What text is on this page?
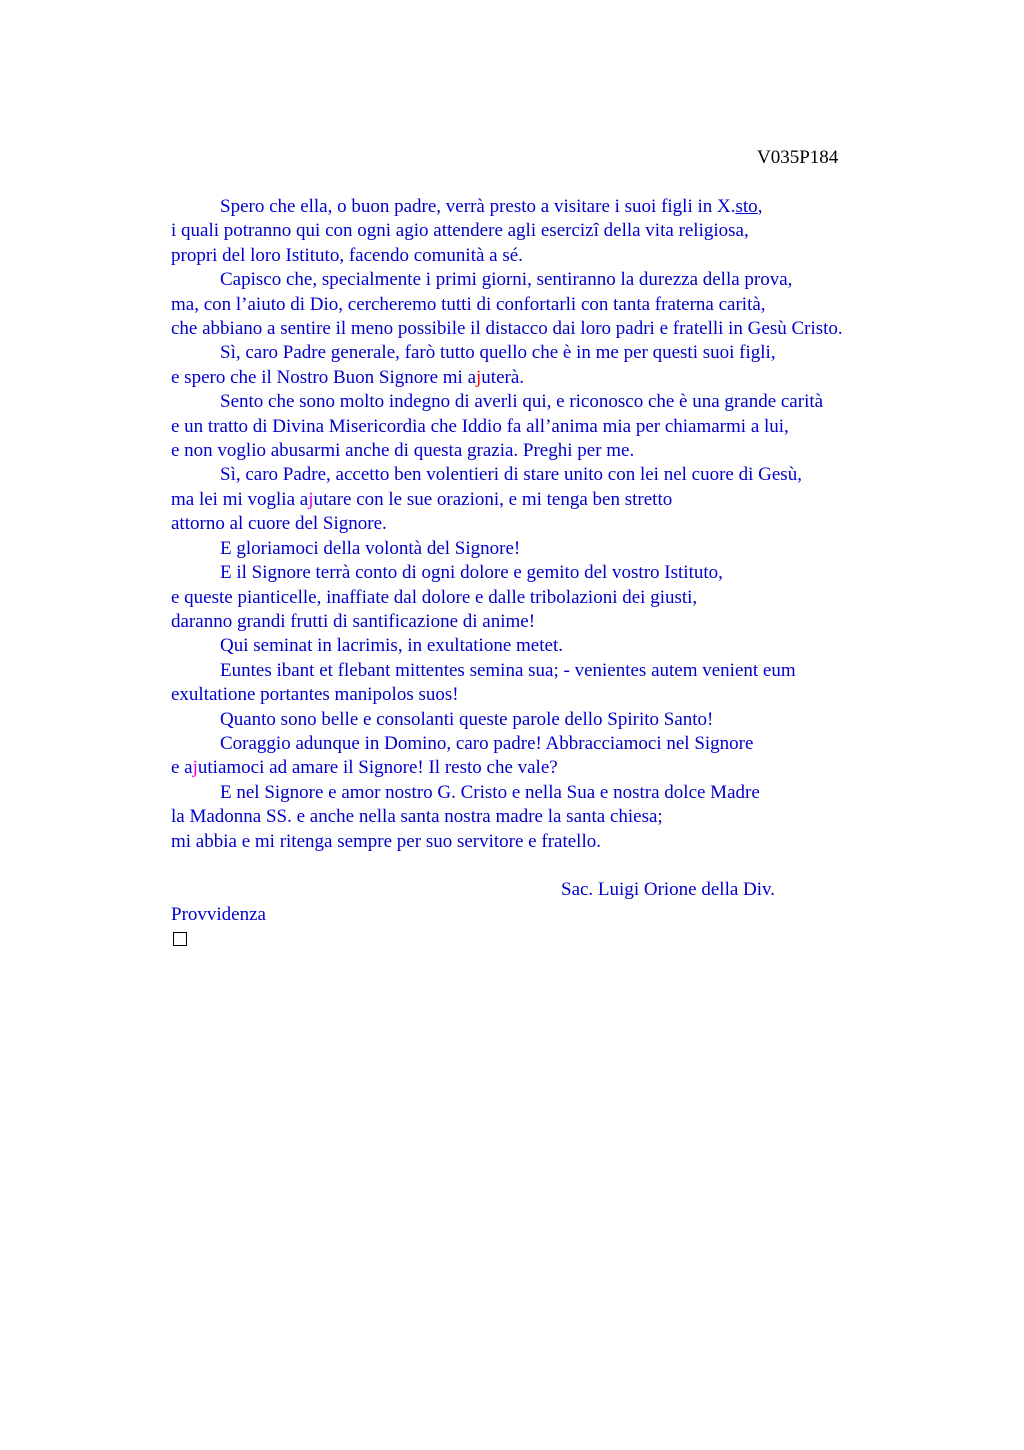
V035P184
Spero che ella, o buon padre, verrà presto a visitare i suoi figli in X.sto,
i quali potranno qui con ogni agio attendere agli esercizî della vita religiosa,
propri del loro Istituto, facendo comunità a sé.
Capisco che, specialmente i primi giorni, sentiranno la durezza della prova,
ma, con l’aiuto di Dio, cercheremo tutti di confortarli con tanta fraterna carità,
che abbiano a sentire il meno possibile il distacco dai loro padri e fratelli in Gesù Cristo.
Sì, caro Padre generale, farò tutto quello che è in me per questi suoi figli,
e spero che il Nostro Buon Signore mi ajuterà.
Sento che sono molto indegno di averli qui, e riconosco che è una grande carità
e un tratto di Divina Misericordia che Iddio fa all’anima mia per chiamarmi a lui,
e non voglio abusarmi anche di questa grazia. Preghi per me.
Sì, caro Padre, accetto ben volentieri di stare unito con lei nel cuore di Gesù,
ma lei mi voglia ajutare con le sue orazioni, e mi tenga ben stretto
attorno al cuore del Signore.
E gloriamoci della volontà del Signore!
E il Signore terrà conto di ogni dolore e gemito del vostro Istituto,
e queste pianticelle, inaffiate dal dolore e dalle tribolazioni dei giusti,
daranno grandi frutti di santificazione di anime!
Qui seminat in lacrimis, in exultatione metet.
Euntes ibant et flebant mittentes semina sua; - venientes autem venient eum
exultatione portantes manipolos suos!
Quanto sono belle e consolanti queste parole dello Spirito Santo!
Coraggio adunque in Domino, caro padre! Abbracciamoci nel Signore
e ajutiamoci ad amare il Signore! Il resto che vale?
E nel Signore e amor nostro G. Cristo e nella Sua e nostra dolce Madre
la Madonna SS. e anche nella santa nostra madre la santa chiesa;
mi abbia e mi ritenga sempre per suo servitore e fratello.
Sac. Luigi Orione della Div.
Provvidenza
